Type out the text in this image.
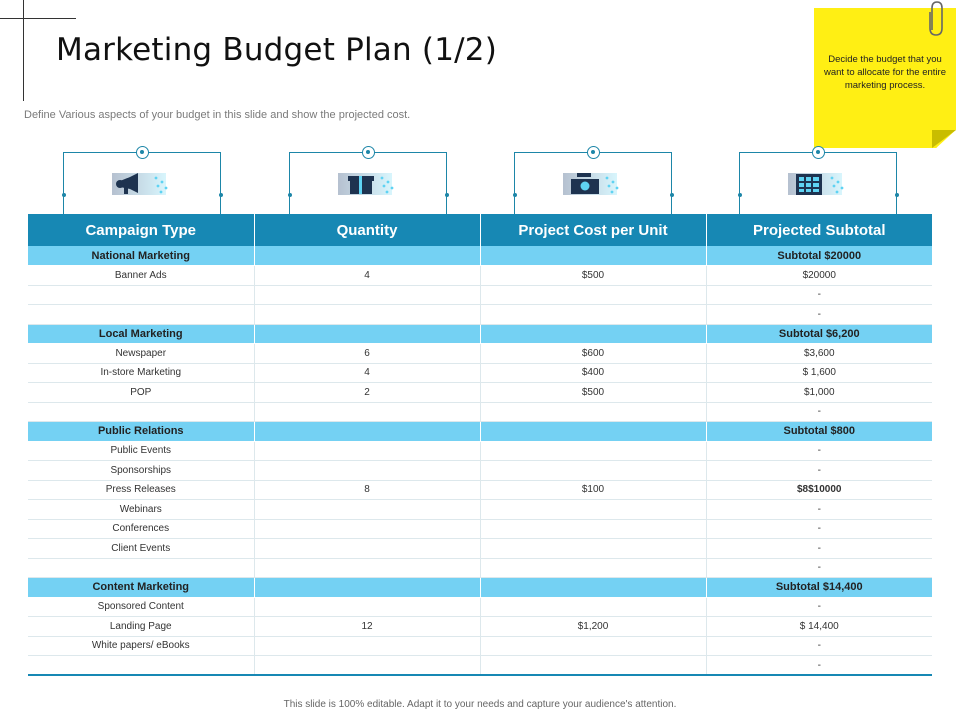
Marketing Budget Plan (1/2)
Define Various aspects of your budget in this slide and show the projected cost.
Decide the budget that you want to allocate for the entire marketing process.
Campaign Type	Quantity	Project Cost per Unit	Projected Subtotal
National Marketing			Subtotal $20000
Banner Ads	4	$500	$20000
			-
			-
Local Marketing			Subtotal $6,200
Newspaper	6	$600	$3,600
In-store Marketing	4	$400	$ 1,600
POP	2	$500	$1,000
			-
Public Relations			Subtotal $800
Public Events			-
Sponsorships			-
Press Releases	8	$100	$8$10000
Webinars			-
Conferences			-
Client Events			-
			-
Content Marketing			Subtotal $14,400
Sponsored Content			-
Landing Page	12	$1,200	$ 14,400
White papers/ eBooks			-
			-
This slide is 100% editable. Adapt it to your needs and capture your audience's attention.
